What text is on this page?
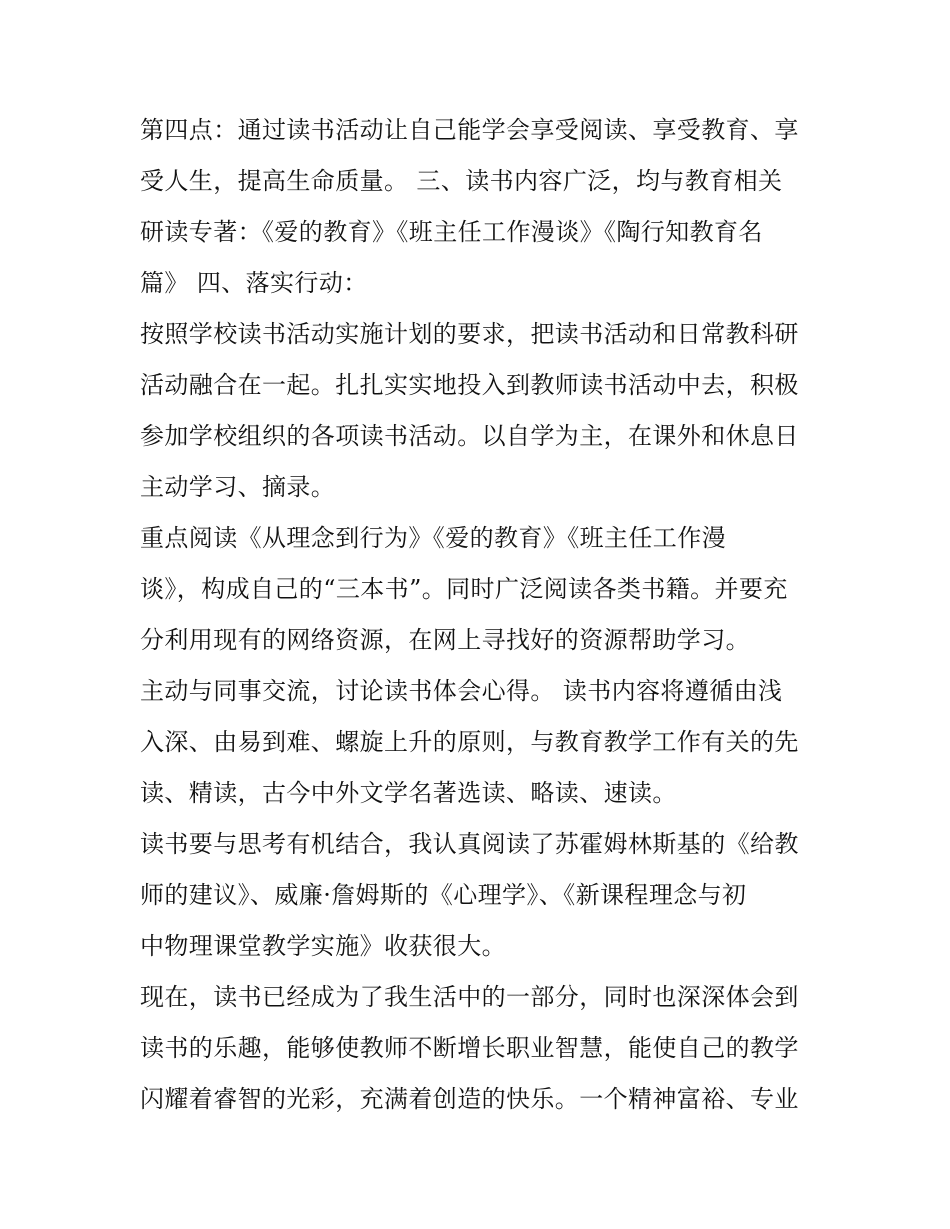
第四点：通过读书活动让自己能学会享受阅读、享受教育、享
受人生，提高生命质量。 三、读书内容广泛，均与教育相关
研读专著：《爱的教育》《班主任工作漫谈》《陶行知教育名
篇》 四、落实行动：
按照学校读书活动实施计划的要求，把读书活动和日常教科研
活动融合在一起。扎扎实实地投入到教师读书活动中去，积极
参加学校组织的各项读书活动。以自学为主，在课外和休息日
主动学习、摘录。
重点阅读《从理念到行为》《爱的教育》《班主任工作漫
谈》，构成自己的“三本书”。同时广泛阅读各类书籍。并要充
分利用现有的网络资源，在网上寻找好的资源帮助学习。
主动与同事交流，讨论读书体会心得。 读书内容将遵循由浅
入深、由易到难、螺旋上升的原则，与教育教学工作有关的先
读、精读，古今中外文学名著选读、略读、速读。
读书要与思考有机结合，我认真阅读了苏霍姆林斯基的《给教
师的建议》、威廉·詹姆斯的《心理学》、《新课程理念与初
中物理课堂教学实施》收获很大。
现在，读书已经成为了我生活中的一部分，同时也深深体会到
读书的乐趣，能够使教师不断增长职业智慧，能使自己的教学
闪耀着睿智的光彩，充满着创造的快乐。一个精神富裕、专业
